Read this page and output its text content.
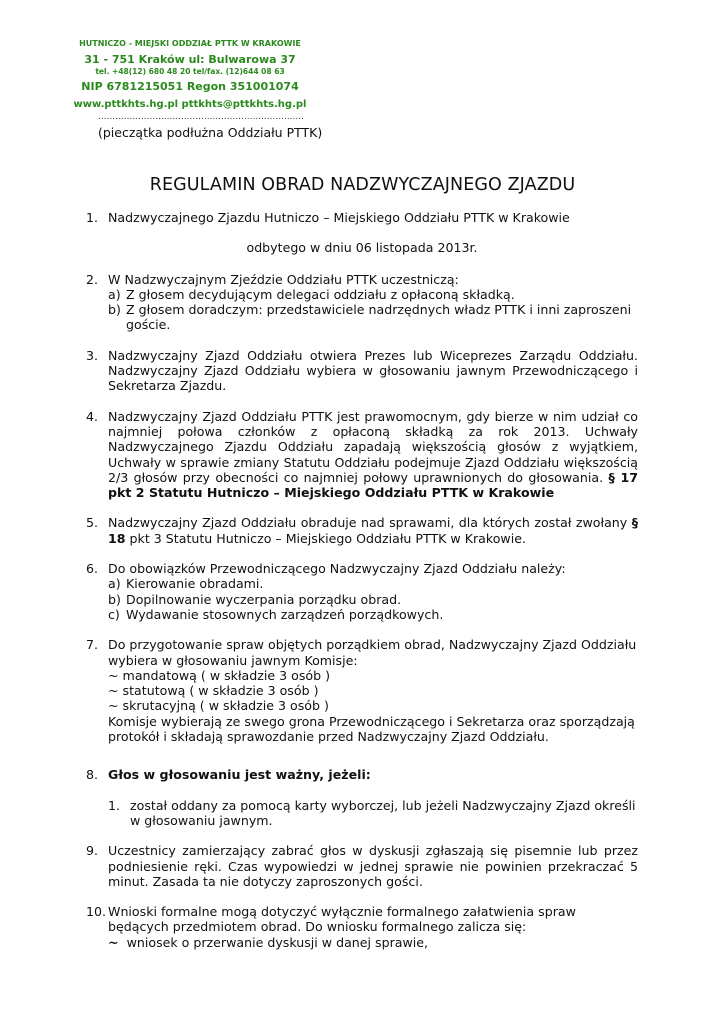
HUTNICZO - MIEJSKI ODDZIAŁ PTTK W KRAKOWIE
31 - 751 Kraków ul: Bulwarowa 37
tel. +48(12) 680 48 20 tel/fax. (12)644 08 63
NIP 6781215051 Regon 351001074
www.pttkhts.hg.pl pttkhts@pttkhts.hg.pl
........................................................................
(pieczątka podłużna Oddziału PTTK)
REGULAMIN OBRAD NADZWYCZAJNEGO ZJAZDU
1. Nadzwyczajnego Zjazdu Hutniczo – Miejskiego Oddziału PTTK w Krakowie
odbytego w dniu 06 listopada 2013r.
2. W Nadzwyczajnym Zjeździe Oddziału PTTK uczestniczą:
a) Z głosem decydującym delegaci oddziału z opłaconą składką.
b) Z głosem doradczym: przedstawiciele nadrzędnych władz PTTK i inni zaproszeni goście.
3. Nadzwyczajny Zjazd Oddziału otwiera Prezes lub Wiceprezes Zarządu Oddziału. Nadzwyczajny Zjazd Oddziału wybiera w głosowaniu jawnym Przewodniczącego i Sekretarza Zjazdu.
4. Nadzwyczajny Zjazd Oddziału PTTK jest prawomocnym, gdy bierze w nim udział co najmniej połowa członków z opłaconą składką za rok 2013. Uchwały Nadzwyczajnego Zjazdu Oddziału zapadają większością głosów z wyjątkiem, Uchwały w sprawie zmiany Statutu Oddziału podejmuje Zjazd Oddziału większością 2/3 głosów przy obecności co najmniej połowy uprawnionych do głosowania. § 17 pkt 2 Statutu Hutniczo – Miejskiego Oddziału PTTK w Krakowie
5. Nadzwyczajny Zjazd Oddziału obraduje nad sprawami, dla których został zwołany § 18 pkt 3 Statutu Hutniczo – Miejskiego Oddziału PTTK w Krakowie.
6. Do obowiązków Przewodniczącego Nadzwyczajny Zjazd Oddziału należy:
a) Kierowanie obradami.
b) Dopilnowanie wyczerpania porządku obrad.
c) Wydawanie stosownych zarządzeń porządkowych.
7. Do przygotowanie spraw objętych porządkiem obrad, Nadzwyczajny Zjazd Oddziału wybiera w głosowaniu jawnym Komisje:
~ mandatową ( w składzie 3 osób )
~ statutową ( w składzie 3 osób )
~ skrutacyjną ( w składzie 3 osób )
Komisje wybierają ze swego grona Przewodniczącego i Sekretarza oraz sporządzają protokół i składają sprawozdanie przed Nadzwyczajny Zjazd Oddziału.
8. Głos w głosowaniu jest ważny, jeżeli:
1. został oddany za pomocą karty wyborczej, lub jeżeli Nadzwyczajny Zjazd określi w głosowaniu jawnym.
9. Uczestnicy zamierzający zabrać głos w dyskusji zgłaszają się pisemnie lub przez podniesienie ręki. Czas wypowiedzi w jednej sprawie nie powinien przekraczać 5 minut. Zasada ta nie dotyczy zaproszonych gości.
10. Wnioski formalne mogą dotyczyć wyłącznie formalnego załatwienia spraw będących przedmiotem obrad. Do wniosku formalnego zalicza się:
~ wniosek o przerwanie dyskusji w danej sprawie,
